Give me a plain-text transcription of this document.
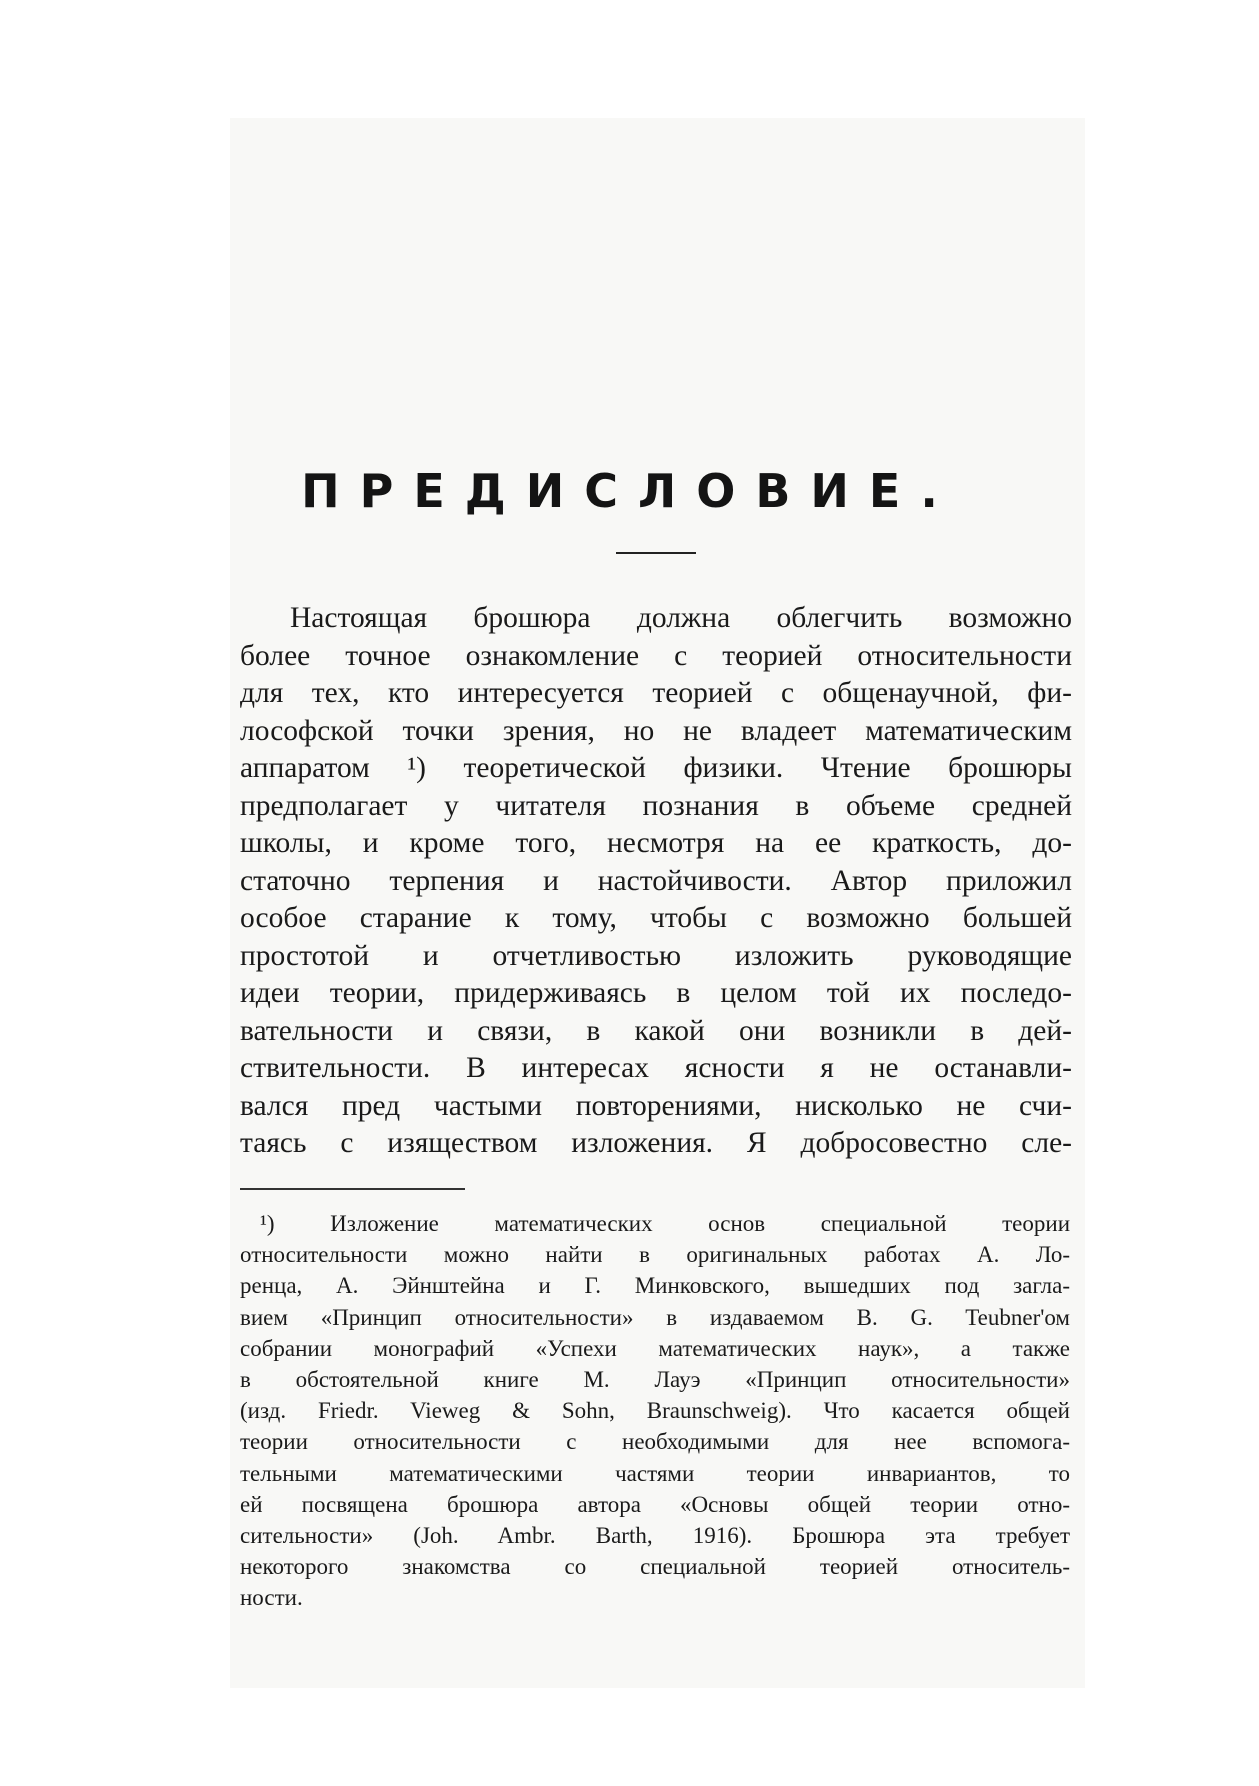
ПРЕДИСЛОВИЕ.
Настоящая брошюра должна облегчить возможно
более точное ознакомление с теорией относительности
для тех, кто интересуется теорией с общенаучной, фи-
лософской точки зрения, но не владеет математическим
аппаратом ¹) теоретической физики. Чтение брошюры
предполагает у читателя познания в объеме средней
школы, и кроме того, несмотря на ее краткость, до-
статочно терпения и настойчивости. Автор приложил
особое старание к тому, чтобы с возможно большей
простотой и отчетливостью изложить руководящие
идеи теории, придерживаясь в целом той их последо-
вательности и связи, в какой они возникли в дей-
ствительности. В интересах ясности я не останавли-
вался пред частыми повторениями, нисколько не счи-
таясь с изяществом изложения. Я добросовестно сле-
¹) Изложение математических основ специальной теории
относительности можно найти в оригинальных работах А. Ло-
ренца, А. Эйнштейна и Г. Минковского, вышедших под загла-
вием «Принцип относительности» в издаваемом B. G. Teubner'ом
собрании монографий «Успехи математических наук», а также
в обстоятельной книге М. Лауэ «Принцип относительности»
(изд. Friedr. Vieweg & Sohn, Braunschweig). Что касается общей
теории относительности с необходимыми для нее вспомога-
тельными математическими частями теории инвариантов, то
ей посвящена брошюра автора «Основы общей теории отно-
сительности» (Joh. Ambr. Barth, 1916). Брошюра эта требует
некоторого знакомства со специальной теорией относитель-
ности.
